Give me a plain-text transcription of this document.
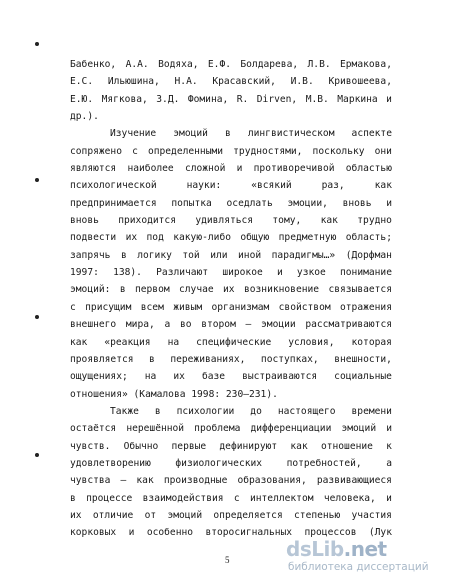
Бабенко, А.А. Водяха, Е.Ф. Болдарева, Л.В. Ермакова,
Е.С. Ильюшина, Н.А. Красавский, И.В. Кривошеева,
Е.Ю. Мягкова, З.Д. Фомина, R. Dirven, М.В. Маркина и
др.).
Изучение эмоций в лингвистическом аспекте
сопряжено с определенными трудностями, поскольку они
являются наиболее сложной и противоречивой областью
психологической	науки:	«всякий	раз,	как
предпринимается попытка оседлать эмоции, вновь и
вновь приходится удивляться тому, как трудно
подвести их под какую-либо общую предметную область;
запрячь в логику той или иной парадигмы…» (Дорфман
1997: 138). Различают широкое и узкое понимание
эмоций: в первом случае их возникновение связывается
с присущим всем живым организмам свойством отражения
внешнего мира, а во втором – эмоции рассматриваются
как «реакция на специфические условия, которая
проявляется в переживаниях, поступках, внешности,
ощущениях; на их базе выстраиваются социальные
отношения» (Камалова 1998: 230–231).
Также в психологии до настоящего времени
остаётся нерешённой проблема дифференциации эмоций и
чувств. Обычно первые дефинируют как отношение к
удовлетворению	физиологических	потребностей,	а
чувства – как производные образования, развивающиеся
в процессе взаимодействия с интеллектом человека, и
их отличие от эмоций определяется степенью участия
корковых и особенно второсигнальных процессов (Лук
5	dsLib.net
библиотека диссертаций
